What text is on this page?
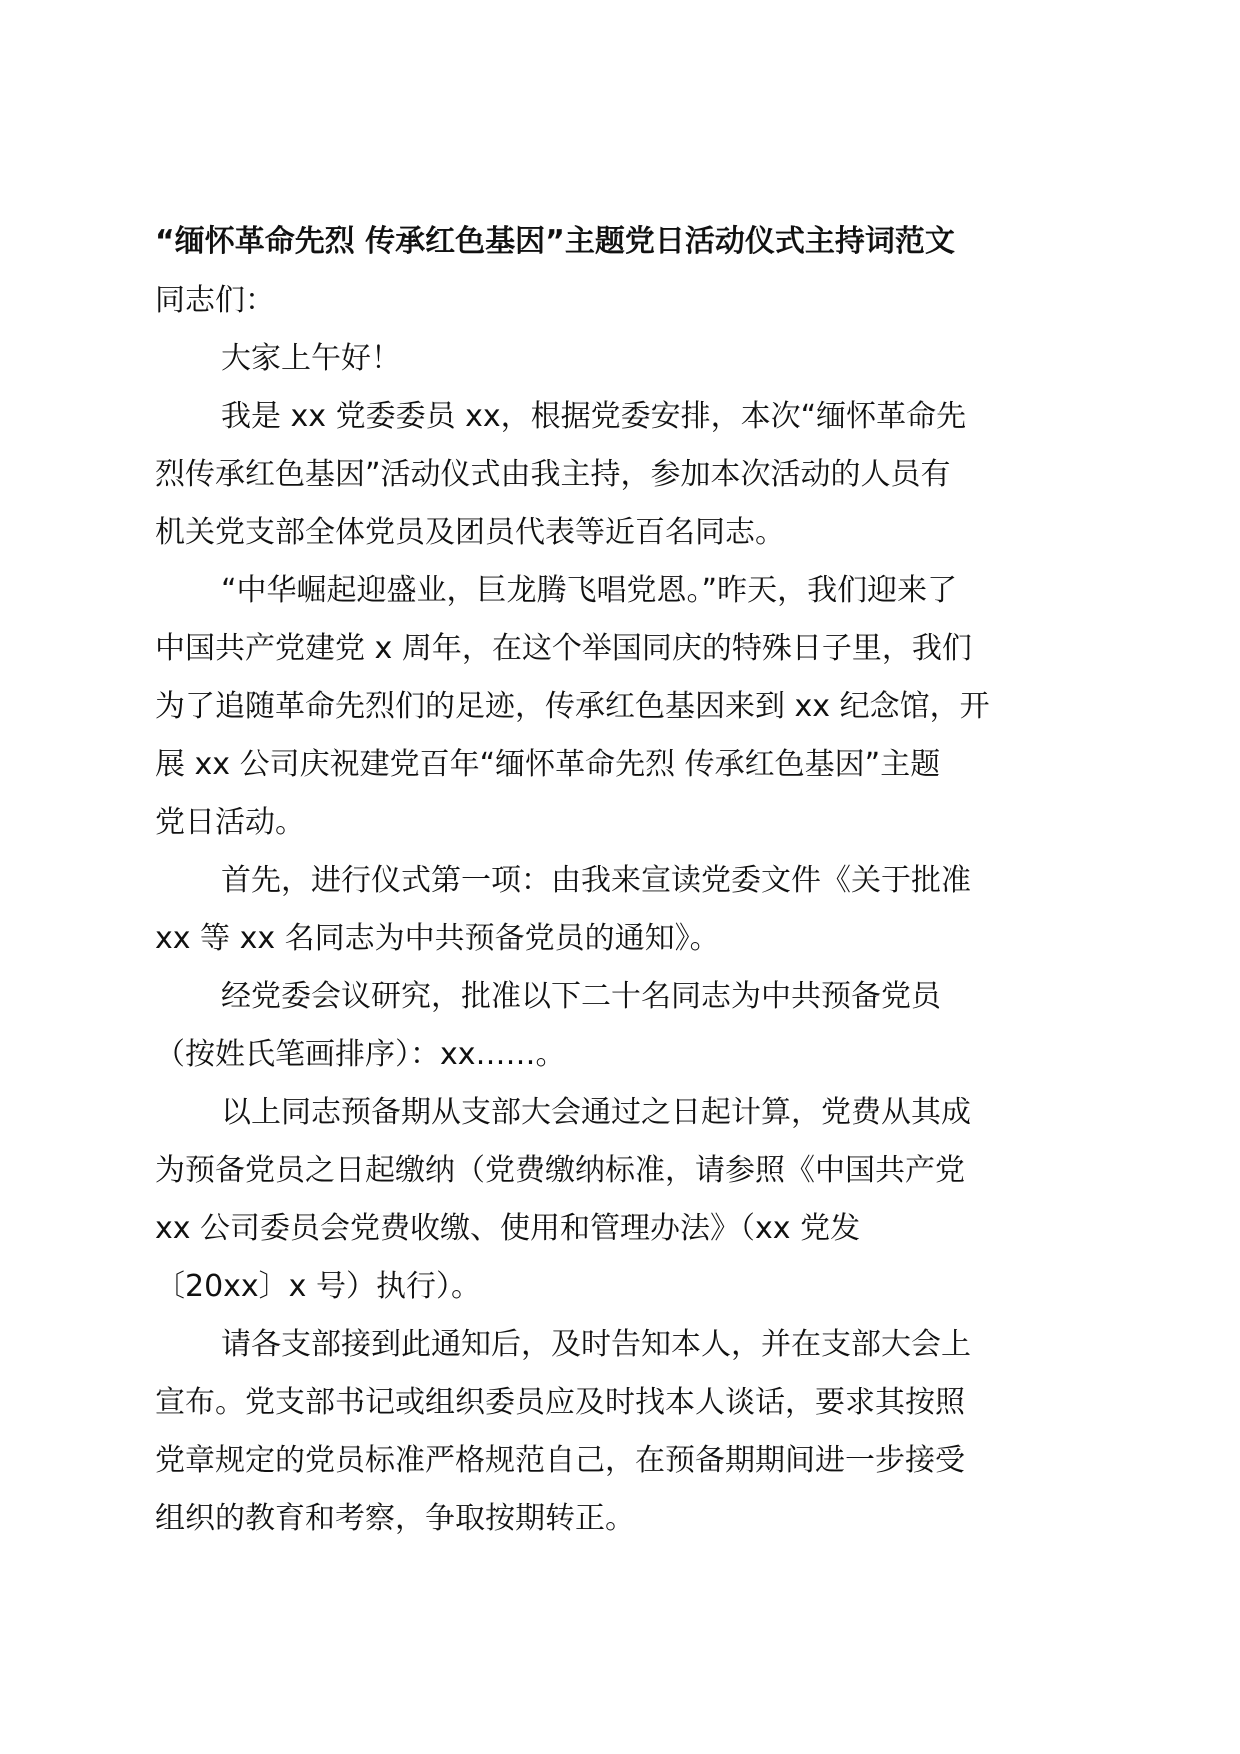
“缅怀革命先烈 传承红色基因”主题党日活动仪式主持词范文

同志们：

大家上午好！

我是 xx 党委委员 xx，根据党委安排，本次“缅怀革命先
烈传承红色基因”活动仪式由我主持，参加本次活动的人员有
机关党支部全体党员及团员代表等近百名同志。

“中华崛起迎盛业，巨龙腾飞唱党恩。”昨天，我们迎来了
中国共产党建党 x 周年，在这个举国同庆的特殊日子里，我们
为了追随革命先烈们的足迹，传承红色基因来到 xx 纪念馆，开
展 xx 公司庆祝建党百年“缅怀革命先烈 传承红色基因”主题
党日活动。

首先，进行仪式第一项：由我来宣读党委文件《关于批准
xx 等 xx 名同志为中共预备党员的通知》。

经党委会议研究，批准以下二十名同志为中共预备党员
（按姓氏笔画排序）：xx……。

以上同志预备期从支部大会通过之日起计算，党费从其成
为预备党员之日起缴纳（党费缴纳标准，请参照《中国共产党
xx 公司委员会党费收缴、使用和管理办法》（xx 党发
〔20xx〕x 号）执行）。

请各支部接到此通知后，及时告知本人，并在支部大会上
宣布。党支部书记或组织委员应及时找本人谈话，要求其按照
党章规定的党员标准严格规范自己，在预备期期间进一步接受
组织的教育和考察，争取按期转正。
